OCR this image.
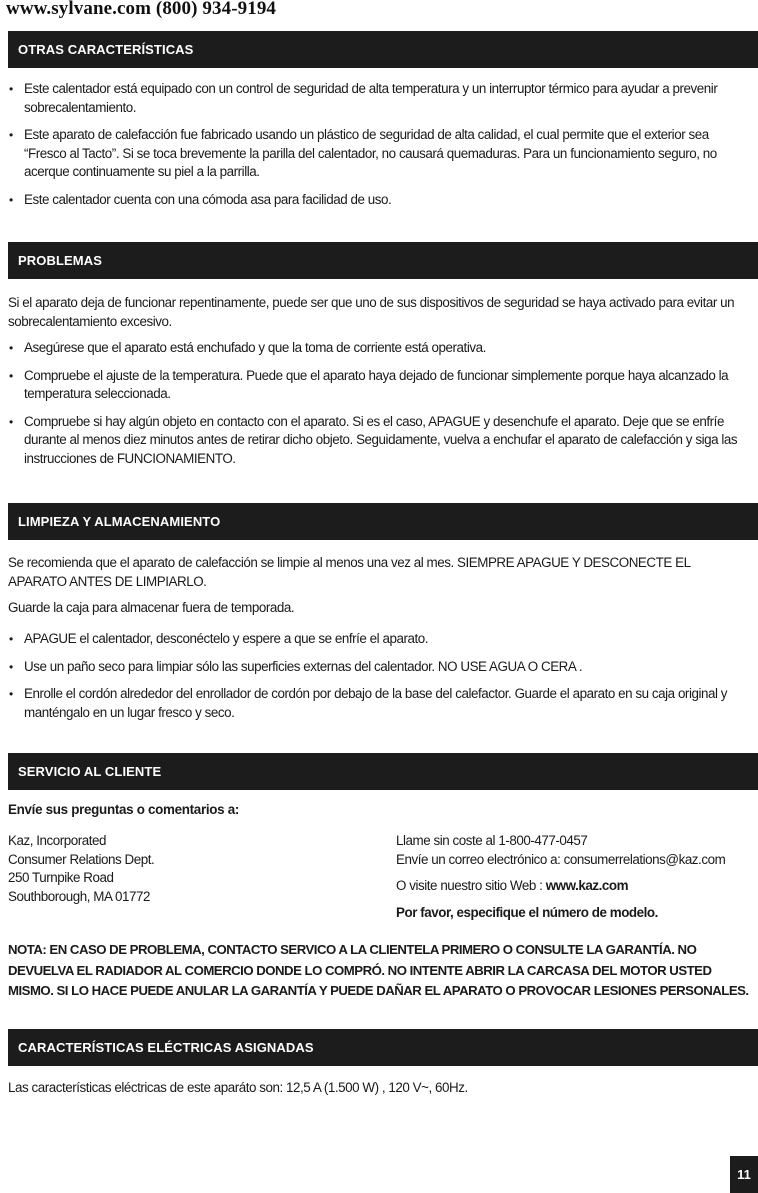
www.sylvane.com (800) 934-9194
OTRAS CARACTERÍSTICAS
• Este calentador está equipado con un control de seguridad de alta temperatura y un interruptor térmico para ayudar a prevenir sobrecalentamiento.
• Este aparato de calefacción fue fabricado usando un plástico de seguridad de alta calidad, el cual permite que el exterior sea “Fresco al Tacto”. Si se toca brevemente la parilla del calentador, no causará quemaduras. Para un funcionamiento seguro, no acerque continuamente su piel a la parrilla.
• Este calentador cuenta con una cómoda asa para facilidad de uso.
PROBLEMAS
Si el aparato deja de funcionar repentinamente, puede ser que uno de sus dispositivos de seguridad se haya activado para evitar un sobrecalentamiento excesivo.
• Asegúrese que el aparato está enchufado y que la toma de corriente está operativa.
• Compruebe el ajuste de la temperatura. Puede que el aparato haya dejado de funcionar simplemente porque haya alcanzado la temperatura seleccionada.
• Compruebe si hay algún objeto en contacto con el aparato. Si es el caso, APAGUE y desenchufe el aparato. Deje que se enfríe durante al menos diez minutos antes de retirar dicho objeto. Seguidamente, vuelva a enchufar el aparato de calefacción y siga las instrucciones de FUNCIONAMIENTO.
LIMPIEZA Y ALMACENAMIENTO
Se recomienda que el aparato de calefacción se limpie al menos una vez al mes. SIEMPRE APAGUE Y DESCONECTE EL APARATO ANTES DE LIMPIARLO.
Guarde la caja para almacenar fuera de temporada.
• APAGUE el calentador, desconéctelo y espere a que se enfríe el aparato.
• Use un paño seco para limpiar sólo las superficies externas del calentador. NO USE AGUA O CERA .
• Enrolle el cordón alrededor del enrollador de cordón por debajo de la base del calefactor. Guarde el aparato en su caja original y manténgalo en un lugar fresco y seco.
SERVICIO AL CLIENTE
Envíe sus preguntas o comentarios a:
Kaz, Incorporated
Consumer Relations Dept.
250 Turnpike Road
Southborough, MA 01772
Llame sin coste al 1-800-477-0457
Envíe un correo electrónico a: consumerrelations@kaz.com
O visite nuestro sitio Web : www.kaz.com
Por favor, especifique el número de modelo.
NOTA: EN CASO DE PROBLEMA, CONTACTO SERVICO A LA CLIENTELA PRIMERO O CONSULTE LA GARANTÍA. NO DEVUELVA EL RADIADOR AL COMERCIO DONDE LO COMPRÓ. NO INTENTE ABRIR LA CARCASA DEL MOTOR USTED MISMO. SI LO HACE PUEDE ANULAR LA GARANTÍA Y PUEDE DAÑAR EL APARATO O PROVOCAR LESIONES PERSONALES.
CARACTERÍSTICAS ELÉCTRICAS ASIGNADAS
Las características eléctricas de este aparáto son: 12,5 A (1.500 W) , 120 V~, 60Hz.
11
